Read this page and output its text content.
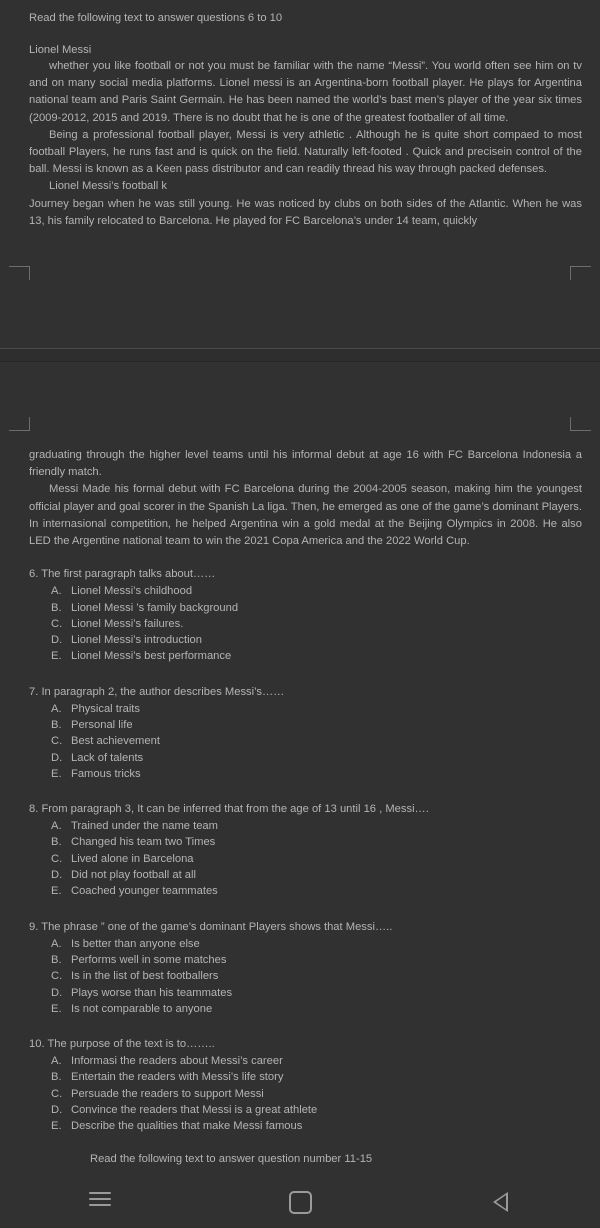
Read the following text to answer questions 6 to 10

Lionel Messi

whether you like football or not you must be familiar with the name “Messi”. You world often see him on tv and on many social media platforms. Lionel messi is an Argentina-born football player. He plays for Argentina national team and Paris Saint Germain. He has been named the world’s bast men’s player of the year six times (2009-2012, 2015 and 2019. There is no doubt that he is one of the greatest footballer of all time.

Being a professional football player, Messi is very athletic . Although he is quite short compaed to most football Players, he runs fast and is quick on the field. Naturally left-footed . Quick and precisein control of the ball. Messi is known as a Keen pass distributor and can readily thread his way through packed defenses.

Lionel Messi’s football k

Journey began when he was still young. He was noticed by clubs on both sides of the Atlantic. When he was 13, his family relocated to Barcelona. He played for FC Barcelona’s under 14 team, quickly

graduating through the higher level teams until his informal debut at age 16 with FC Barcelona Indonesia a friendly match.

Messi Made his formal debut with FC Barcelona during the 2004-2005 season, making him the youngest official player and goal scorer in the Spanish La liga. Then, he emerged as one of the game’s dominant Players. In internasional competition, he helped Argentina win a gold medal at the Beijing Olympics in 2008. He also LED the Argentine national team to win the 2021 Copa America and the 2022 World Cup.

6. The first paragraph talks about……

A. Lionel Messi’s childhood
B. Lionel Messi ’s family background
C. Lionel Messi’s failures.
D. Lionel Messi’s introduction
E. Lionel Messi’s best performance

7. In paragraph 2, the author describes Messi’s……

A. Physical traits
B. Personal life
C. Best achievement
D. Lack of talents
E. Famous tricks

8. From paragraph 3, It can be inferred that from the age of 13 until 16 , Messi….

A. Trained under the name team
B. Changed his team two Times
C. Lived alone in Barcelona
D. Did not play football at all
E. Coached younger teammates

9. The phrase ” one of the game’s dominant Players shows that Messi…..

A. Is better than anyone else
B. Performs well in some matches
C. Is in the list of best footballers
D. Plays worse than his teammates
E. Is not comparable to anyone

10. The purpose of the text is to……..

A. Informasi the readers about Messi’s career
B. Entertain the readers with Messi’s life story
C. Persuade the readers to support Messi
D. Convince the readers that Messi is a great athlete
E. Describe the qualities that make Messi famous

Read the following text to answer question number 11-15
